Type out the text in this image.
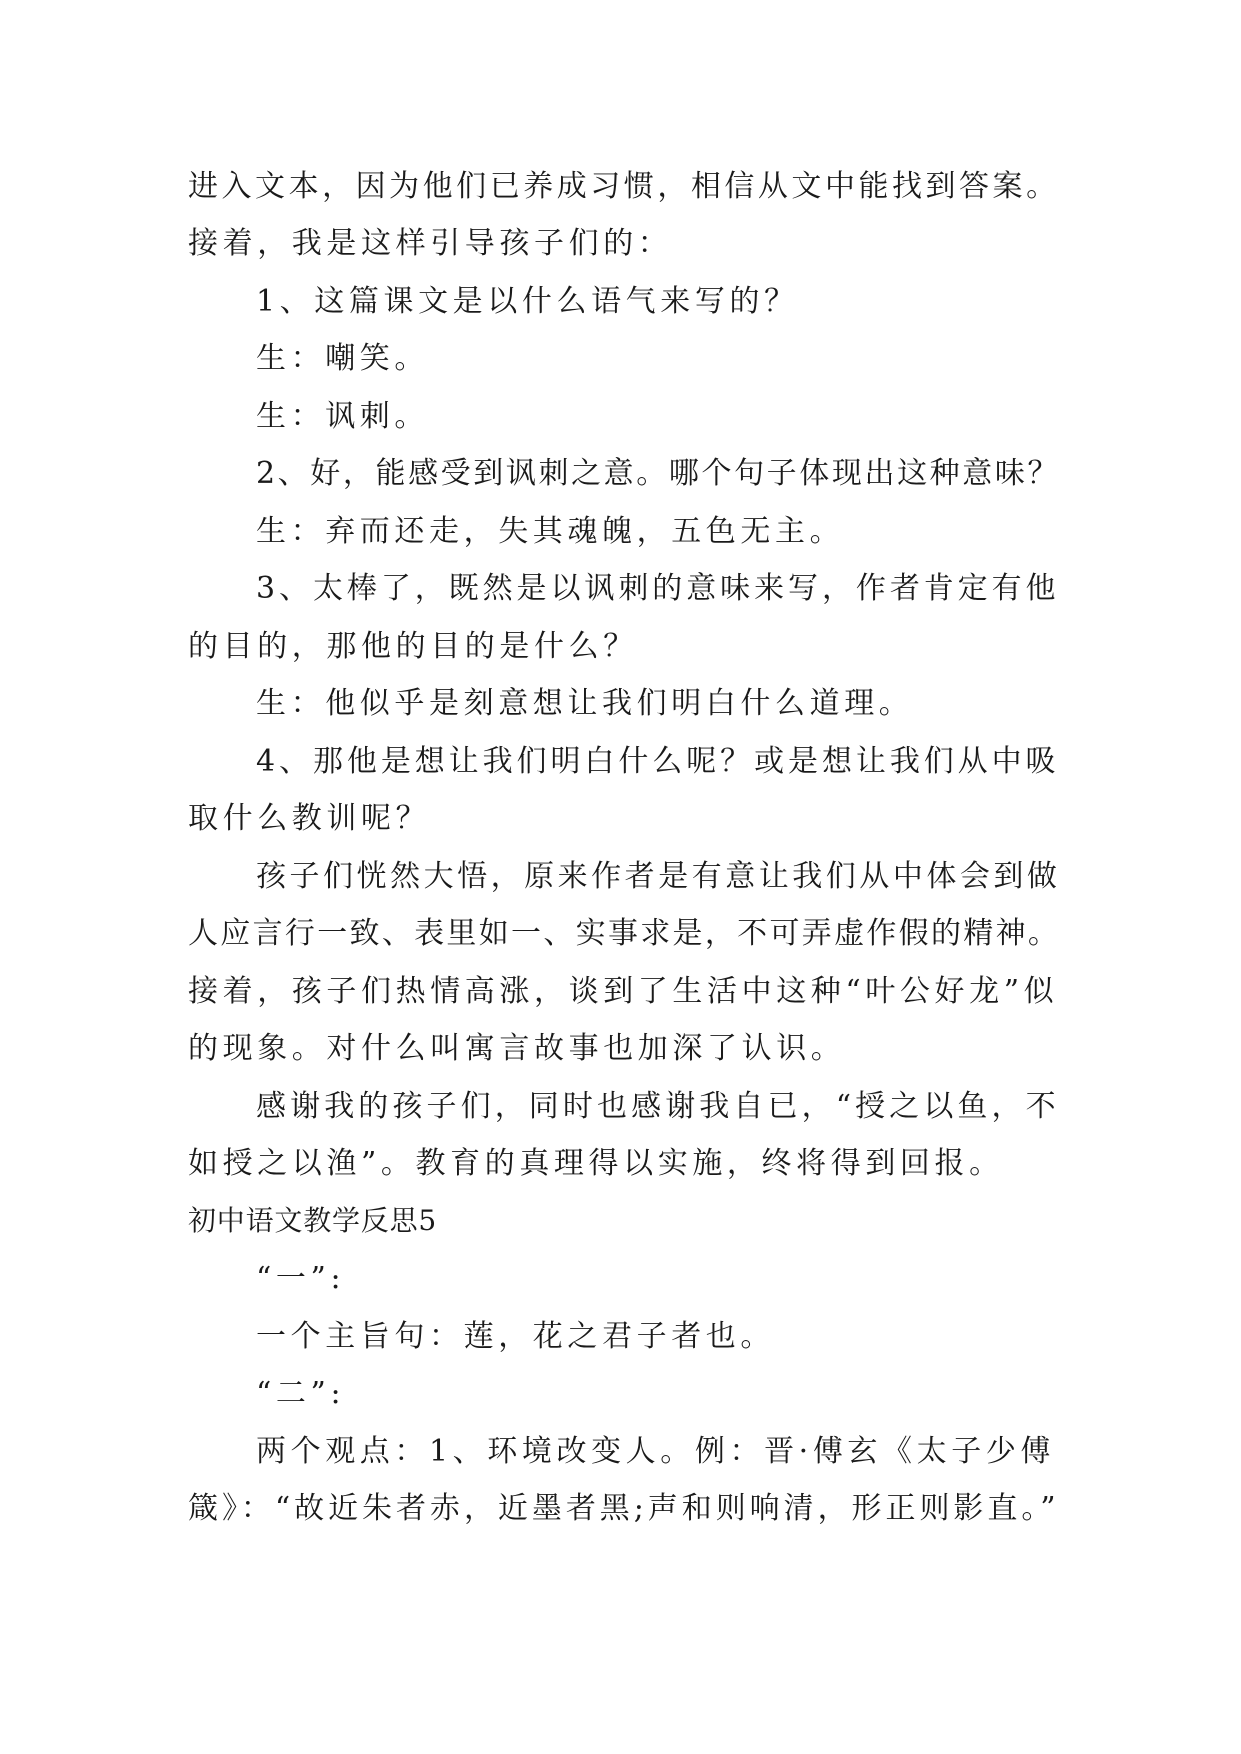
进入文本，因为他们已养成习惯，相信从文中能找到答案。

接着，我是这样引导孩子们的：

1、这篇课文是以什么语气来写的？

生：嘲笑。

生：讽刺。

2、好，能感受到讽刺之意。哪个句子体现出这种意味？

生：弃而还走，失其魂魄，五色无主。

3、太棒了，既然是以讽刺的意味来写，作者肯定有他

的目的，那他的目的是什么？

生：他似乎是刻意想让我们明白什么道理。

4、那他是想让我们明白什么呢？或是想让我们从中吸

取什么教训呢？

孩子们恍然大悟，原来作者是有意让我们从中体会到做

人应言行一致、表里如一、实事求是，不可弄虚作假的精神。

接着，孩子们热情高涨，谈到了生活中这种“叶公好龙”似

的现象。对什么叫寓言故事也加深了认识。

感谢我的孩子们，同时也感谢我自已，“授之以鱼，不

如授之以渔”。教育的真理得以实施，终将得到回报。

初中语文教学反思5

“一”:

一个主旨句：莲，花之君子者也。

“二”:

两个观点：1、环境改变人。例：晋·傅玄《太子少傅

箴》：“故近朱者赤，近墨者黑;声和则响清，形正则影直。”
